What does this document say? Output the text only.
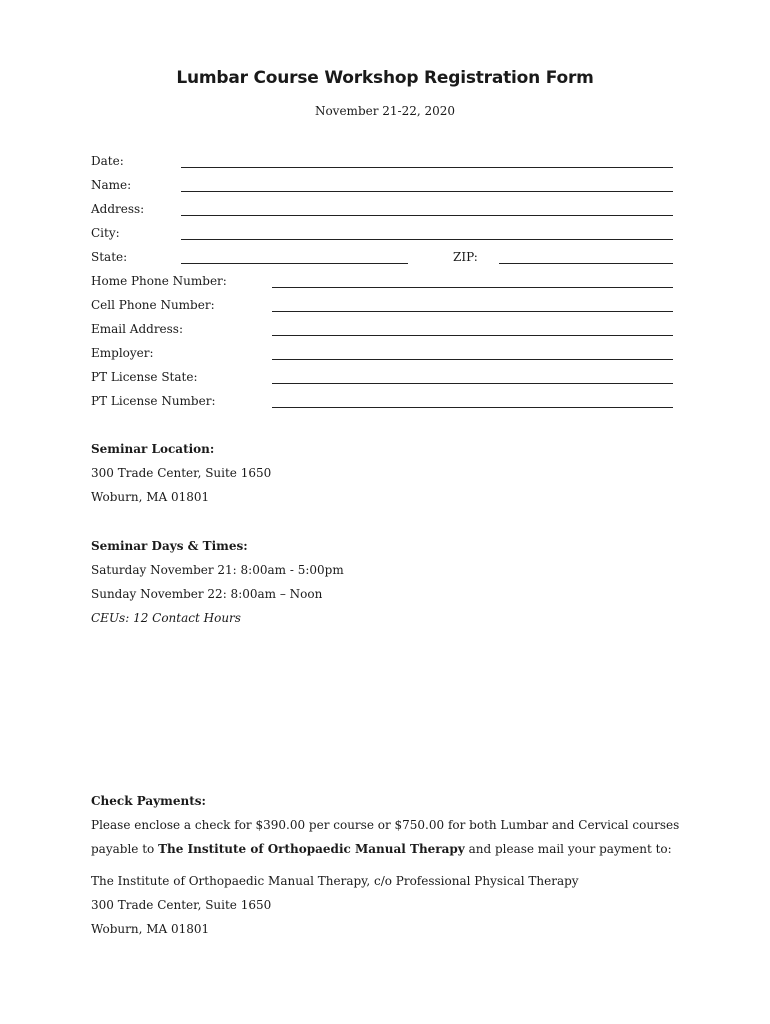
Lumbar Course Workshop Registration Form
November 21-22, 2020
Date:
Name:
Address:
City:
State:	ZIP:
Home Phone Number:
Cell Phone Number:
Email Address:
Employer:
PT License State:
PT License Number:
Seminar Location:
300 Trade Center, Suite 1650
Woburn, MA 01801
Seminar Days & Times:
Saturday November 21: 8:00am - 5:00pm
Sunday November 22: 8:00am – Noon
CEUs: 12 Contact Hours
Check Payments:
Please enclose a check for $390.00 per course or $750.00 for both Lumbar and Cervical courses
payable to The Institute of Orthopaedic Manual Therapy and please mail your payment to:
The Institute of Orthopaedic Manual Therapy, c/o Professional Physical Therapy
300 Trade Center, Suite 1650
Woburn, MA 01801
